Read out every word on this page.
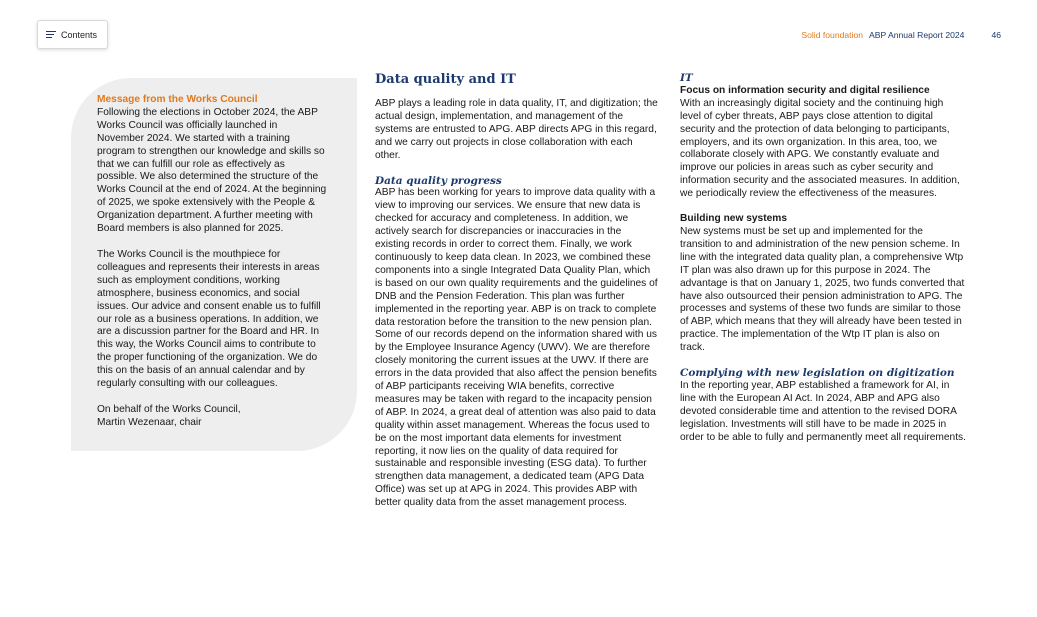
Contents	Solid foundation ABP Annual Report 2024	46

Message from the Works Council
Following the elections in October 2024, the ABP Works Council was officially launched in November 2024. We started with a training program to strengthen our knowledge and skills so that we can fulfill our role as effectively as possible. We also determined the structure of the Works Council at the end of 2024. At the beginning of 2025, we spoke extensively with the People & Organization department. A further meeting with Board members is also planned for 2025.

The Works Council is the mouthpiece for colleagues and represents their interests in areas such as employment conditions, working atmosphere, business economics, and social issues. Our advice and consent enable us to fulfill our role as a business operations. In addition, we are a discussion partner for the Board and HR. In this way, the Works Council aims to contribute to the proper functioning of the organization. We do this on the basis of an annual calendar and by regularly consulting with our colleagues.

On behalf of the Works Council,
Martin Wezenaar, chair

Data quality and IT

ABP plays a leading role in data quality, IT, and digitization; the actual design, implementation, and management of the systems are entrusted to APG. ABP directs APG in this regard, and we carry out projects in close collaboration with each other.

Data quality progress
ABP has been working for years to improve data quality with a view to improving our services. We ensure that new data is checked for accuracy and completeness. In addition, we actively search for discrepancies or inaccuracies in the existing records in order to correct them. Finally, we work continuously to keep data clean. In 2023, we combined these components into a single Integrated Data Quality Plan, which is based on our own quality requirements and the guidelines of DNB and the Pension Federation. This plan was further implemented in the reporting year. ABP is on track to complete data restoration before the transition to the new pension plan.

Some of our records depend on the information shared with us by the Employee Insurance Agency (UWV). We are therefore closely monitoring the current issues at the UWV. If there are errors in the data provided that also affect the pension benefits of ABP participants receiving WIA benefits, corrective measures may be taken with regard to the incapacity pension of ABP. In 2024, a great deal of attention was also paid to data quality within asset management. Whereas the focus used to be on the most important data elements for investment reporting, it now lies on the quality of data required for sustainable and responsible investing (ESG data). To further strengthen data management, a dedicated team (APG Data Office) was set up at APG in 2024. This provides ABP with better quality data from the asset management process.

IT

Focus on information security and digital resilience
With an increasingly digital society and the continuing high level of cyber threats, ABP pays close attention to digital security and the protection of data belonging to participants, employers, and its own organization. In this area, too, we collaborate closely with APG. We constantly evaluate and improve our policies in areas such as cyber security and information security and the associated measures. In addition, we periodically review the effectiveness of the measures.

Building new systems
New systems must be set up and implemented for the transition to and administration of the new pension scheme. In line with the integrated data quality plan, a comprehensive Wtp IT plan was also drawn up for this purpose in 2024. The advantage is that on January 1, 2025, two funds converted that have also outsourced their pension administration to APG. The processes and systems of these two funds are similar to those of ABP, which means that they will already have been tested in practice. The implementation of the Wtp IT plan is also on track.

Complying with new legislation on digitization
In the reporting year, ABP established a framework for AI, in line with the European AI Act. In 2024, ABP and APG also devoted considerable time and attention to the revised DORA legislation. Investments will still have to be made in 2025 in order to be able to fully and permanently meet all requirements.
